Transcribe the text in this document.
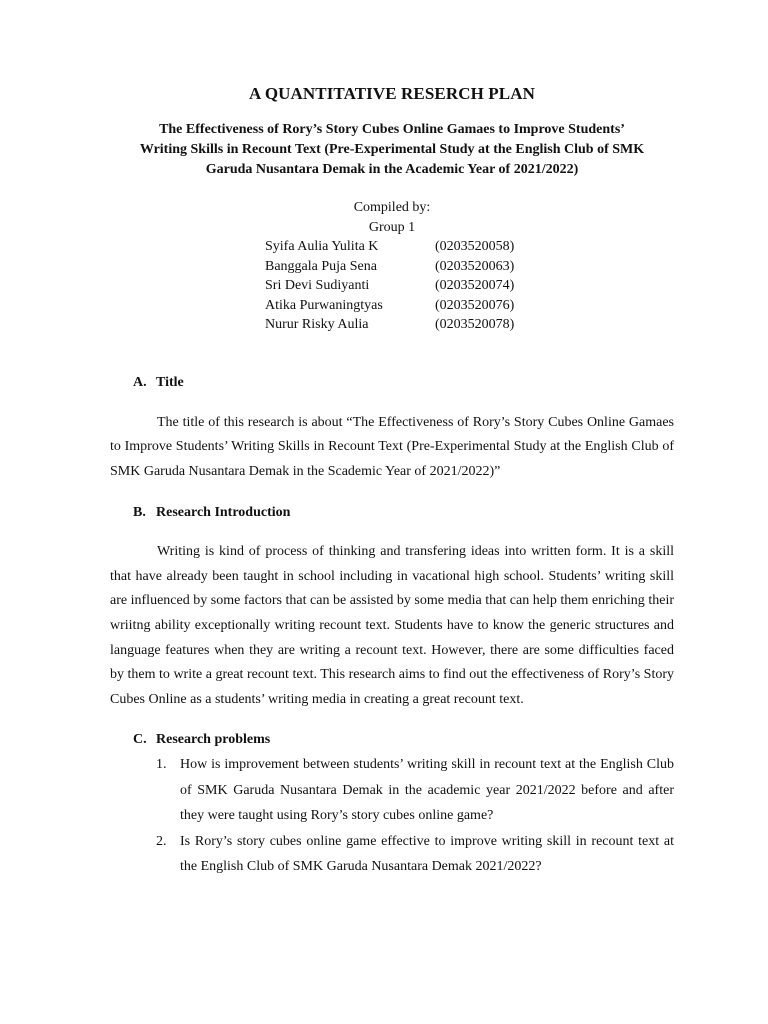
A QUANTITATIVE RESERCH PLAN
The Effectiveness of Rory’s Story Cubes Online Gamaes to Improve Students’
Writing Skills in Recount Text (Pre-Experimental Study at the English Club of SMK
Garuda Nusantara Demak in the Academic Year of 2021/2022)
Compiled by:
Group 1
Syifa Aulia Yulita K	(0203520058)
Banggala Puja Sena	(0203520063)
Sri Devi Sudiyanti	(0203520074)
Atika Purwaningtyas	(0203520076)
Nurur Risky Aulia	(0203520078)
A. Title

The title of this research is about “The Effectiveness of Rory’s Story Cubes Online Gamaes to Improve Students’ Writing Skills in Recount Text (Pre-Experimental Study at the English Club of SMK Garuda Nusantara Demak in the Scademic Year of 2021/2022)”

B. Research Introduction

Writing is kind of process of thinking and transfering ideas into written form. It is a skill that have already been taught in school including in vacational high school. Students’ writing skill are influenced by some factors that can be assisted by some media that can help them enriching their wriitng ability exceptionally writing recount text. Students have to know the generic structures and language features when they are writing a recount text. However, there are some difficulties faced by them to write a great recount text. This research aims to find out the effectiveness of Rory’s Story Cubes Online as a students’ writing media in creating a great recount text.

C. Research problems
1. How is improvement between students’ writing skill in recount text at the English Club of SMK Garuda Nusantara Demak in the academic year 2021/2022 before and after they were taught using Rory’s story cubes online game?
2. Is Rory’s story cubes online game effective to improve writing skill in recount text at the English Club of SMK Garuda Nusantara Demak 2021/2022?
